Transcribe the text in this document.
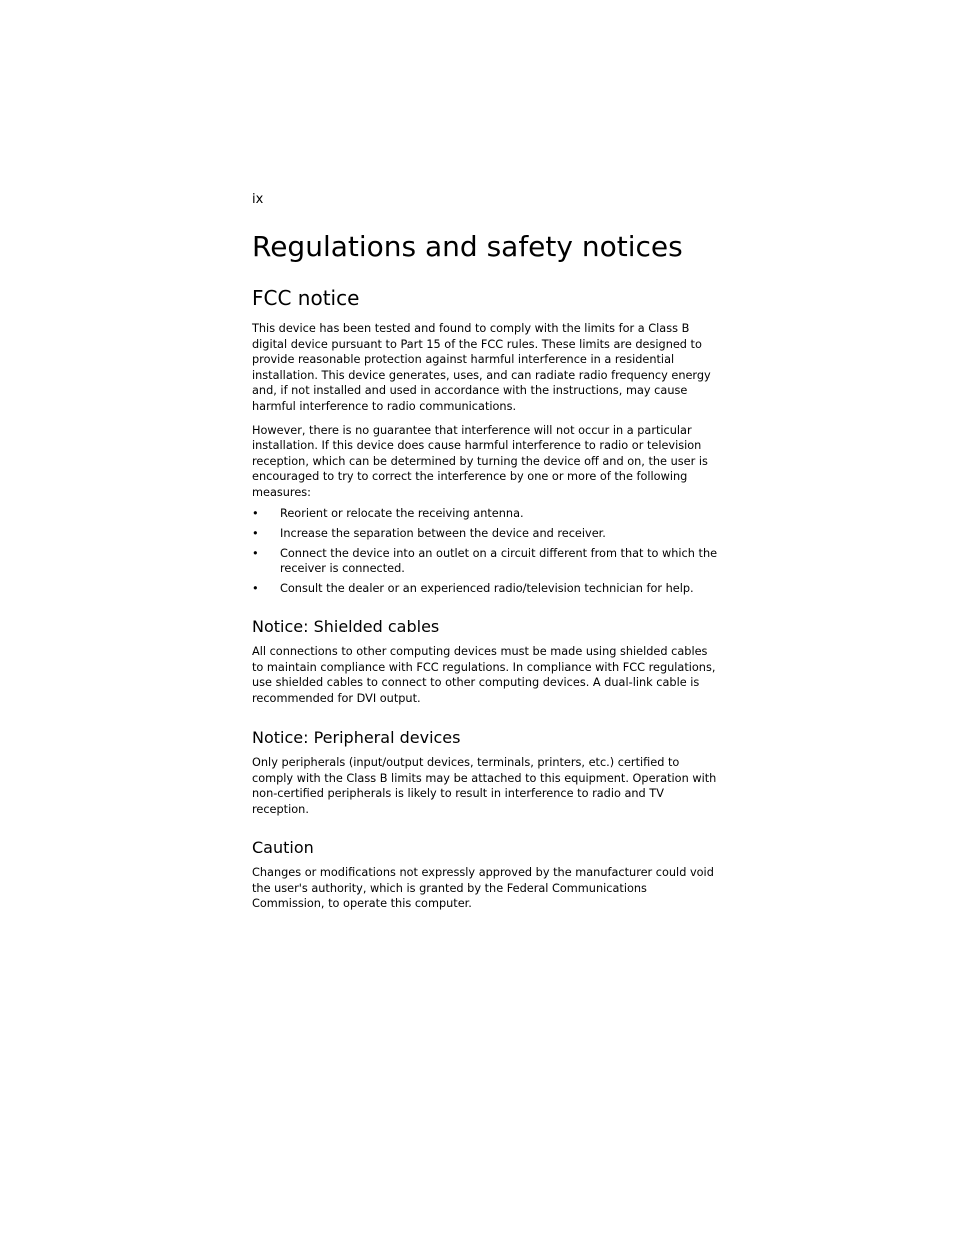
ix
Regulations and safety notices
FCC notice

This device has been tested and found to comply with the limits for a Class B digital device pursuant to Part 15 of the FCC rules. These limits are designed to provide reasonable protection against harmful interference in a residential installation. This device generates, uses, and can radiate radio frequency energy and, if not installed and used in accordance with the instructions, may cause harmful interference to radio communications.

However, there is no guarantee that interference will not occur in a particular installation. If this device does cause harmful interference to radio or television reception, which can be determined by turning the device off and on, the user is encouraged to try to correct the interference by one or more of the following measures:

• Reorient or relocate the receiving antenna.
• Increase the separation between the device and receiver.
• Connect the device into an outlet on a circuit different from that to which the receiver is connected.
• Consult the dealer or an experienced radio/television technician for help.
Notice: Shielded cables

All connections to other computing devices must be made using shielded cables to maintain compliance with FCC regulations. In compliance with FCC regulations, use shielded cables to connect to other computing devices. A dual-link cable is recommended for DVI output.

Notice: Peripheral devices

Only peripherals (input/output devices, terminals, printers, etc.) certified to comply with the Class B limits may be attached to this equipment. Operation with non-certified peripherals is likely to result in interference to radio and TV reception.

Caution

Changes or modifications not expressly approved by the manufacturer could void the user's authority, which is granted by the Federal Communications Commission, to operate this computer.
